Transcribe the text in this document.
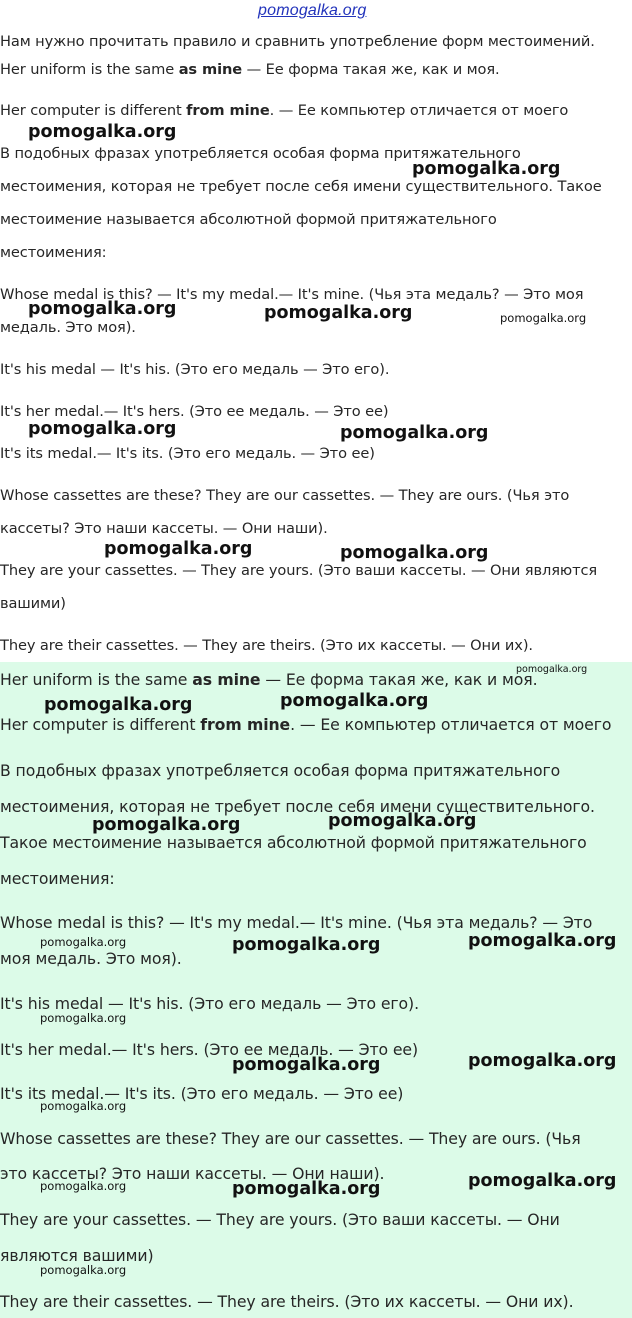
pomogalka.org
Нам нужно прочитать правило и сравнить употребление форм местоимений.
Her uniform is the same as mine — Ее форма такая же, как и моя.
Her computer is different from mine. — Ее компьютер отличается от моего
В подобных фразах употребляется особая форма притяжательного
местоимения, которая не требует после себя имени существительного. Такое
местоимение называется абсолютной формой притяжательного
местоимения:
Whose medal is this? — It's my medal.— It's mine. (Чья эта медаль? — Это моя
медаль. Это моя).
It's his medal — It's his. (Это его медаль — Это его).
It's her medal.— It's hers. (Это ее медаль. — Это ее)
It's its medal.— It's its. (Это его медаль. — Это ее)
Whose cassettes are these? They are our cassettes. — They are ours. (Чья это
кассеты? Это наши кассеты. — Они наши).
They are your cassettes. — They are yours. (Это ваши кассеты. — Они являются
вашими)
They are their cassettes. — They are theirs. (Это их кассеты. — Они их).
Her uniform is the same as mine — Ее форма такая же, как и моя.
Her computer is different from mine. — Ее компьютер отличается от моего
В подобных фразах употребляется особая форма притяжательного
местоимения, которая не требует после себя имени существительного.
Такое местоимение называется абсолютной формой притяжательного
местоимения:
Whose medal is this? — It's my medal.— It's mine. (Чья эта медаль? — Это
моя медаль. Это моя).
It's his medal — It's his. (Это его медаль — Это его).
It's her medal.— It's hers. (Это ее медаль. — Это ее)
It's its medal.— It's its. (Это его медаль. — Это ее)
Whose cassettes are these? They are our cassettes. — They are ours. (Чья
это кассеты? Это наши кассеты. — Они наши).
They are your cassettes. — They are yours. (Это ваши кассеты. — Они
являются вашими)
They are their cassettes. — They are theirs. (Это их кассеты. — Они их).
pomogalka.org
pomogalka.org
pomogalka.org	pomogalka.org	pomogalka.org
pomogalka.org	pomogalka.org
pomogalka.org	pomogalka.org
pomogalka.org
pomogalka.org	pomogalka.org
pomogalka.org	pomogalka.org
pomogalka.org	pomogalka.org	pomogalka.org
pomogalka.org
pomogalka.org	pomogalka.org
pomogalka.org
pomogalka.org	pomogalka.org	pomogalka.org
pomogalka.org
